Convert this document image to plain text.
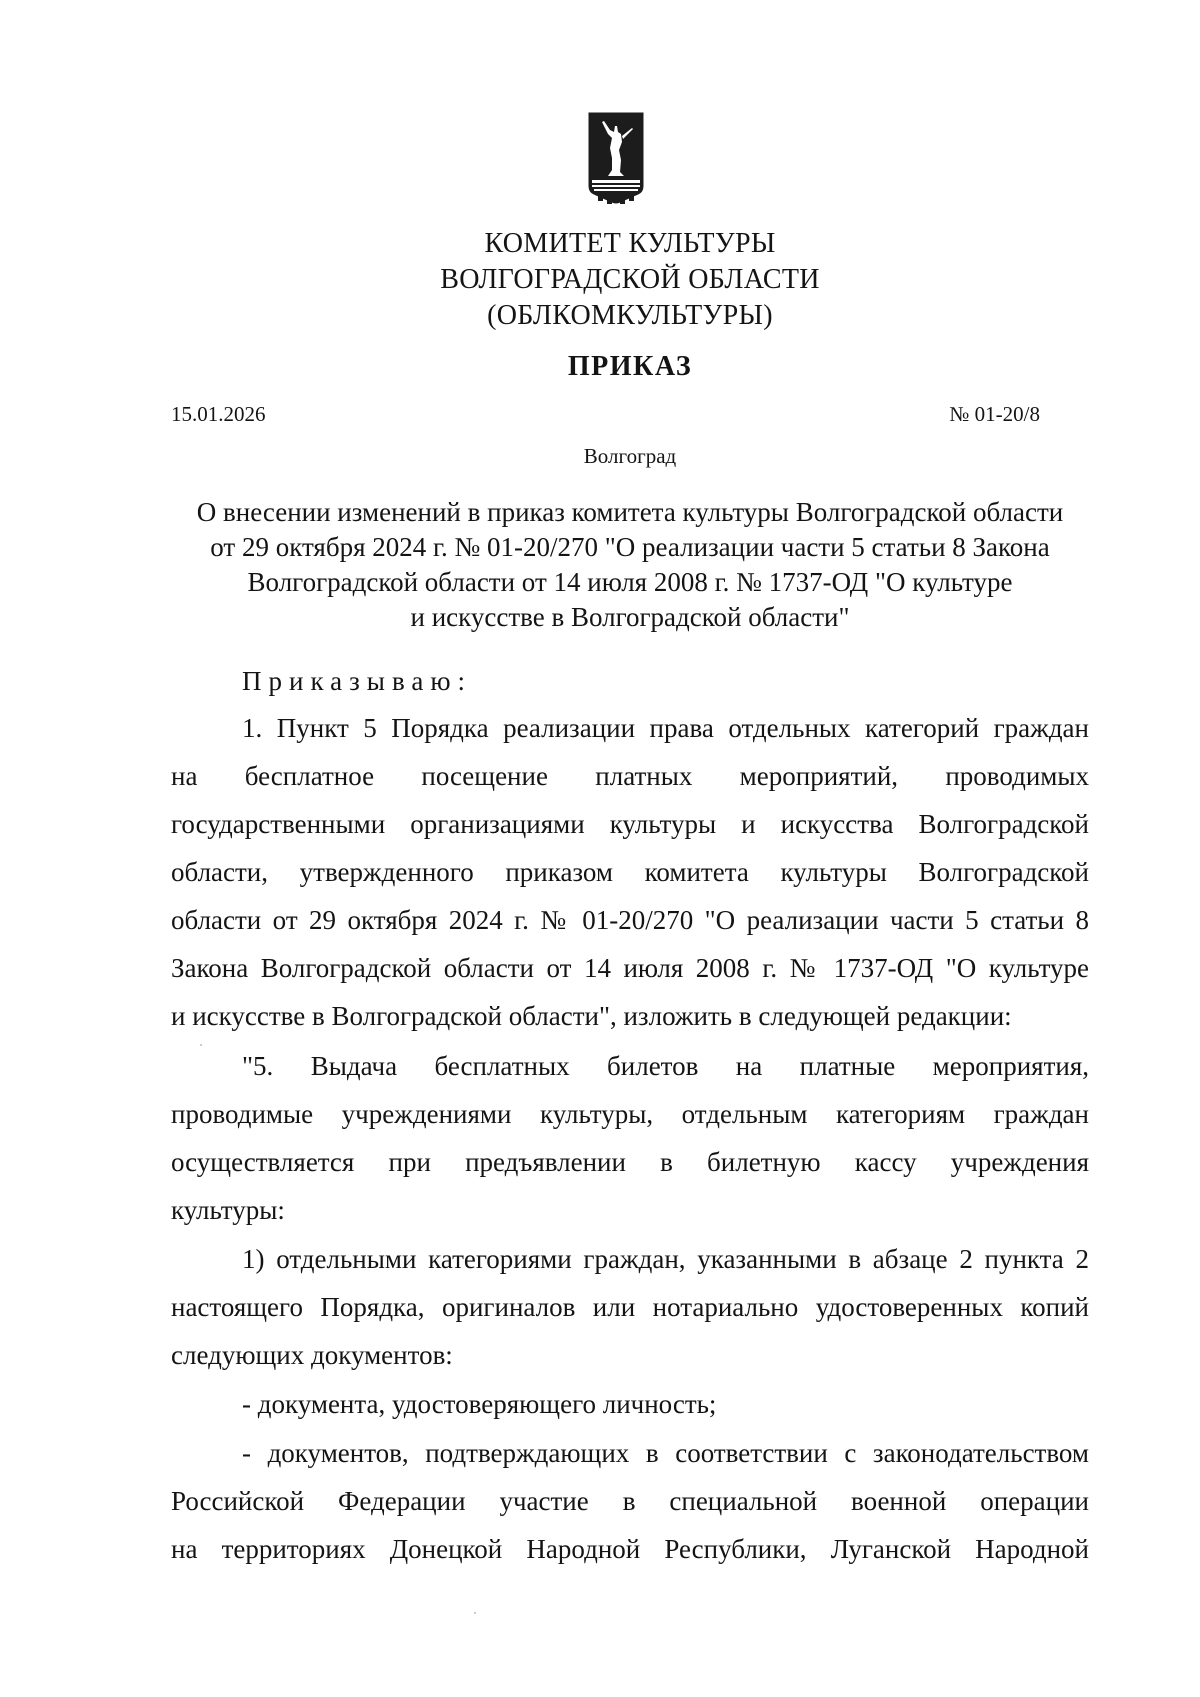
КОМИТЕТ КУЛЬТУРЫ
ВОЛГОГРАДСКОЙ ОБЛАСТИ
(ОБЛКОМКУЛЬТУРЫ)
ПРИКАЗ
15.01.2026	№ 01-20/8
Волгоград
О внесении изменений в приказ комитета культуры Волгоградской области
от 29 октября 2024 г. № 01-20/270 "О реализации части 5 статьи 8 Закона
Волгоградской области от 14 июля 2008 г. № 1737-ОД "О культуре
и искусстве в Волгоградской области"
Приказываю:
1. Пункт 5 Порядка реализации права отдельных категорий граждан
на бесплатное посещение платных мероприятий, проводимых
государственными организациями культуры и искусства Волгоградской
области, утвержденного приказом комитета культуры Волгоградской
области от 29 октября 2024 г. № 01-20/270 "О реализации части 5 статьи 8
Закона Волгоградской области от 14 июля 2008 г. № 1737-ОД "О культуре
и искусстве в Волгоградской области", изложить в следующей редакции:
"5. Выдача бесплатных билетов на платные мероприятия,
проводимые учреждениями культуры, отдельным категориям граждан
осуществляется при предъявлении в билетную кассу учреждения
культуры:
1) отдельными категориями граждан, указанными в абзаце 2 пункта 2
настоящего Порядка, оригиналов или нотариально удостоверенных копий
следующих документов:
- документа, удостоверяющего личность;
- документов, подтверждающих в соответствии с законодательством
Российской Федерации участие в специальной военной операции
на территориях Донецкой Народной Республики, Луганской Народной
